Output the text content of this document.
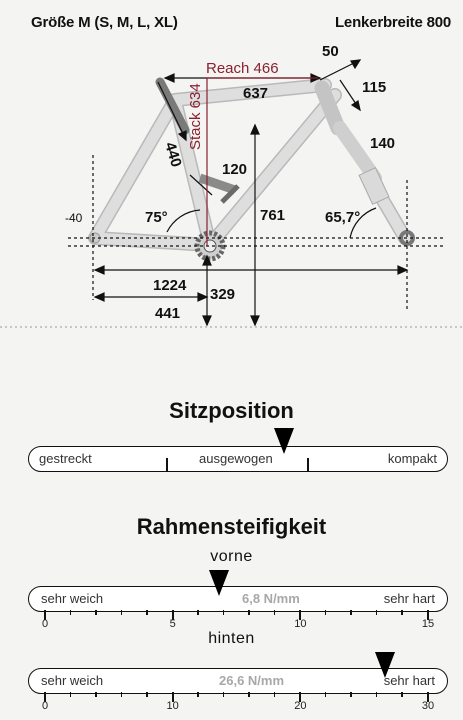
Größe M (S, M, L, XL)	Lenkerbreite 800
Reach 466
Stack 634	637
50
115
140
440
120
761
-40	75°	65,7°
1224
329
441
Sitzposition
gestreckt	ausgewogen	kompakt
Rahmensteifigkeit
vorne
sehr weich	6,8 N/mm	sehr hart
0	5	10	15
hinten
sehr weich	26,6 N/mm	sehr hart
0	10	20	30
